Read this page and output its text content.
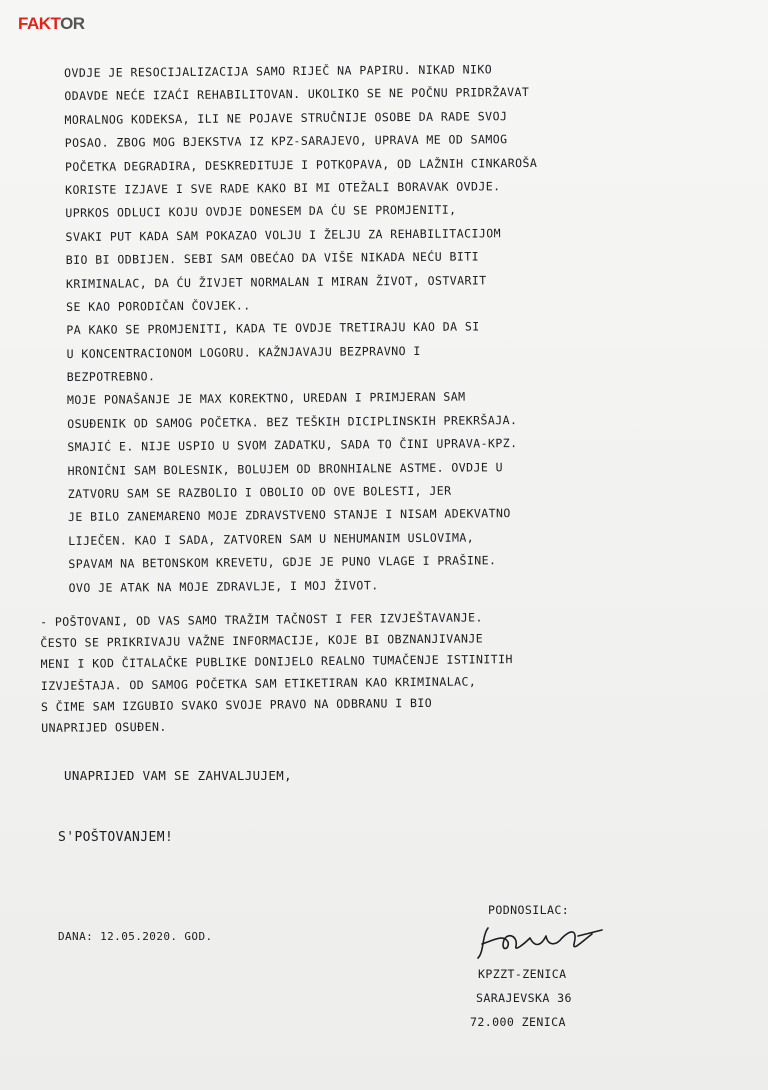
FAKTOR
OVDJE JE RESOCIJALIZACIJA SAMO RIJEČ NA PAPIRU. NIKAD NIKO
ODAVDE NEĆE IZAĆI REHABILITOVAN. UKOLIKO SE NE POČNU PRIDRŽAVAT
MORALNOG KODEKSA, ILI NE POJAVE STRUČNIJE OSOBE DA RADE SVOJ
POSAO. ZBOG MOG BJEKSTVA IZ KPZ-SARAJEVO, UPRAVA ME OD SAMOG
POČETKA DEGRADIRA, DESKREDITUJE I POTKOPAVA, OD LAŽNIH CINKAROŠA
KORISTE IZJAVE I SVE RADE KAKO BI MI OTEŽALI BORAVAK OVDJE.
UPRKOS ODLUCI KOJU OVDJE DONESEM DA ĆU SE PROMJENITI,
SVAKI PUT KADA SAM POKAZAO VOLJU I ŽELJU ZA REHABILITACIJOM
BIO BI ODBIJEN. SEBI SAM OBEĆAO DA VIŠE NIKADA NEĆU BITI
KRIMINALAC, DA ĆU ŽIVJET NORMALAN I MIRAN ŽIVOT, OSTVARIT
SE KAO PORODIČAN ČOVJEK..
PA KAKO SE PROMJENITI, KADA TE OVDJE TRETIRAJU KAO DA SI
U KONCENTRACIONOM LOGORU. KAŽNJAVAJU BEZPRAVNO I
BEZPOTREBNO.
MOJE PONAŠANJE JE MAX KOREKTNO, UREDAN I PRIMJERAN SAM
OSUĐENIK OD SAMOG POČETKA. BEZ TEŠKIH DICIPLINSKIH PREKRŠAJA.
SMAJIĆ E. NIJE USPIO U SVOM ZADATKU, SADA TO ČINI UPRAVA-KPZ.
HRONIČNI SAM BOLESNIK, BOLUJEM OD BRONHIALNE ASTME. OVDJE U
ZATVORU SAM SE RAZBOLIO I OBOLIO OD OVE BOLESTI, JER
JE BILO ZANEMARENO MOJE ZDRAVSTVENO STANJE I NISAM ADEKVATNO
LIJEČEN. KAO I SADA, ZATVOREN SAM U NEHUMANIM USLOVIMA,
SPAVAM NA BETONSKOM KREVETU, GDJE JE PUNO VLAGE I PRAŠINE.
OVO JE ATAK NA MOJE ZDRAVLJE, I MOJ ŽIVOT.
- POŠTOVANI, OD VAS SAMO TRAŽIM TAČNOST I FER IZVJEŠTAVANJE.
ČESTO SE PRIKRIVAJU VAŽNE INFORMACIJE, KOJE BI OBZNANJIVANJE
MENI I KOD ČITALAČKE PUBLIKE DONIJELO REALNO TUMAČENJE ISTINITIH
IZVJEŠTAJA. OD SAMOG POČETKA SAM ETIKETIRAN KAO KRIMINALAC,
S ČIME SAM IZGUBIO SVAKO SVOJE PRAVO NA ODBRANU I BIO
UNAPRIJED OSUĐEN.
UNAPRIJED VAM SE ZAHVALJUJEM,
S'POŠTOVANJEM!
DANA: 12.05.2020. GOD.
PODNOSILAC:
KPZZT-ZENICA
SARAJEVSKA 36
72.000 ZENICA
